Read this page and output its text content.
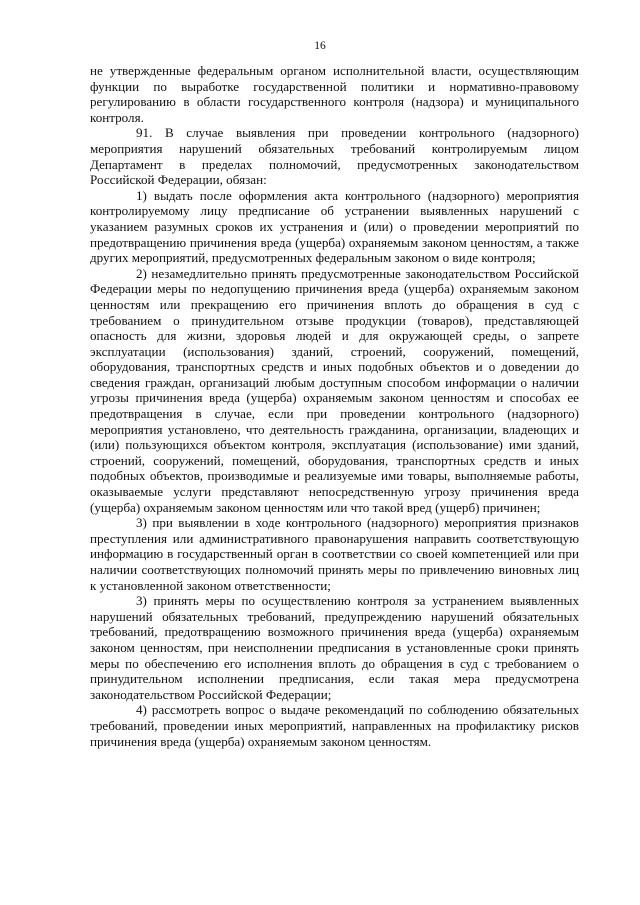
16

не утвержденные федеральным органом исполнительной власти, осуществляющим функции по выработке государственной политики и нормативно-правовому регулированию в области государственного контроля (надзора) и муниципального контроля.

91. В случае выявления при проведении контрольного (надзорного) мероприятия нарушений обязательных требований контролируемым лицом Департамент в пределах полномочий, предусмотренных законодательством Российской Федерации, обязан:

1) выдать после оформления акта контрольного (надзорного) мероприятия контролируемому лицу предписание об устранении выявленных нарушений с указанием разумных сроков их устранения и (или) о проведении мероприятий по предотвращению причинения вреда (ущерба) охраняемым законом ценностям, а также других мероприятий, предусмотренных федеральным законом о виде контроля;

2) незамедлительно принять предусмотренные законодательством Российской Федерации меры по недопущению причинения вреда (ущерба) охраняемым законом ценностям или прекращению его причинения вплоть до обращения в суд с требованием о принудительном отзыве продукции (товаров), представляющей опасность для жизни, здоровья людей и для окружающей среды, о запрете эксплуатации (использования) зданий, строений, сооружений, помещений, оборудования, транспортных средств и иных подобных объектов и о доведении до сведения граждан, организаций любым доступным способом информации о наличии угрозы причинения вреда (ущерба) охраняемым законом ценностям и способах ее предотвращения в случае, если при проведении контрольного (надзорного) мероприятия установлено, что деятельность гражданина, организации, владеющих и (или) пользующихся объектом контроля, эксплуатация (использование) ими зданий, строений, сооружений, помещений, оборудования, транспортных средств и иных подобных объектов, производимые и реализуемые ими товары, выполняемые работы, оказываемые услуги представляют непосредственную угрозу причинения вреда (ущерба) охраняемым законом ценностям или что такой вред (ущерб) причинен;

3) при выявлении в ходе контрольного (надзорного) мероприятия признаков преступления или административного правонарушения направить соответствующую информацию в государственный орган в соответствии со своей компетенцией или при наличии соответствующих полномочий принять меры по привлечению виновных лиц к установленной законом ответственности;

3) принять меры по осуществлению контроля за устранением выявленных нарушений обязательных требований, предупреждению нарушений обязательных требований, предотвращению возможного причинения вреда (ущерба) охраняемым законом ценностям, при неисполнении предписания в установленные сроки принять меры по обеспечению его исполнения вплоть до обращения в суд с требованием о принудительном исполнении предписания, если такая мера предусмотрена законодательством Российской Федерации;

4) рассмотреть вопрос о выдаче рекомендаций по соблюдению обязательных требований, проведении иных мероприятий, направленных на профилактику рисков причинения вреда (ущерба) охраняемым законом ценностям.
